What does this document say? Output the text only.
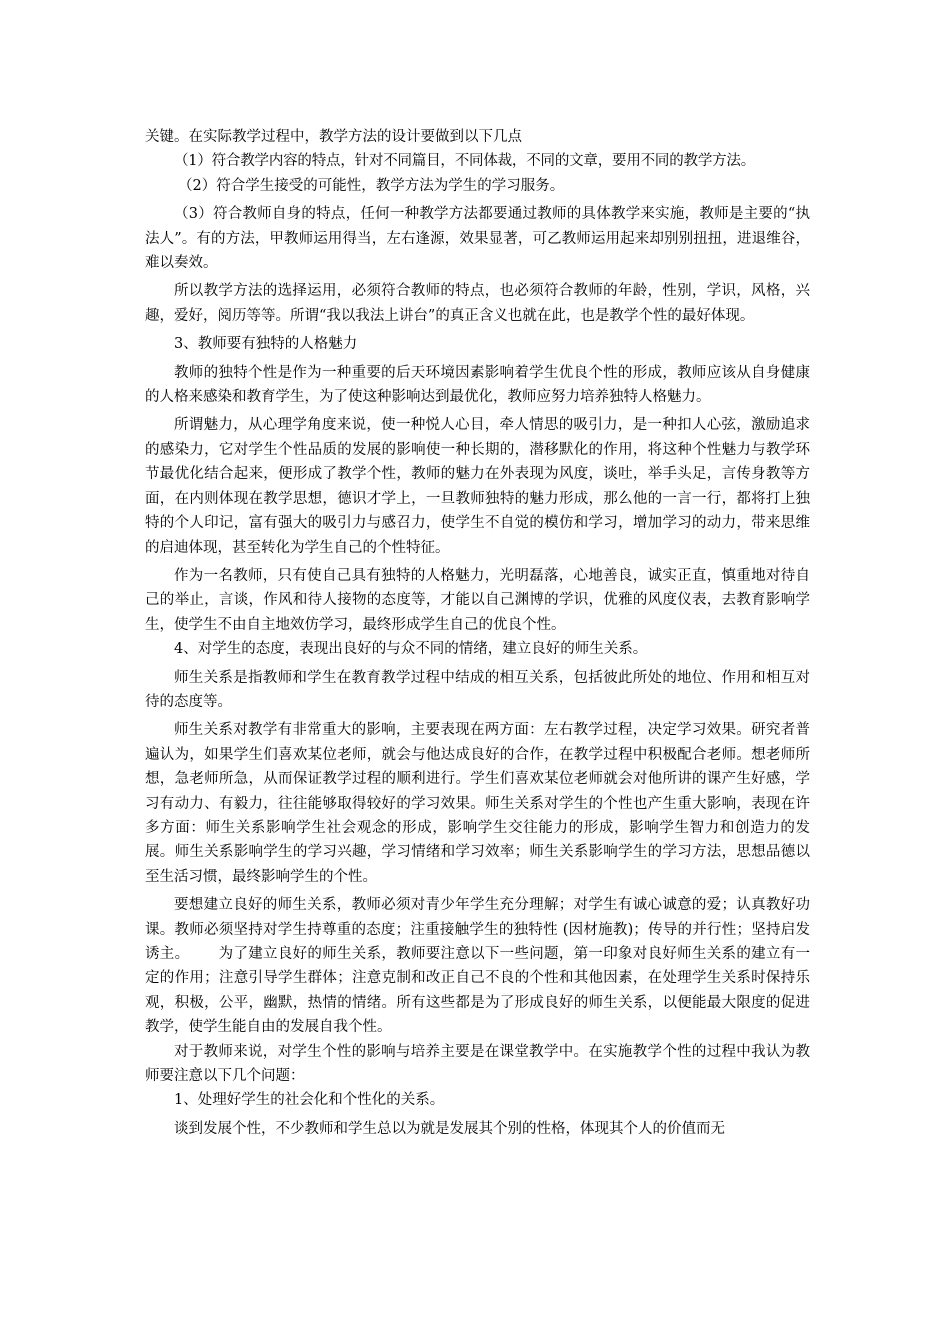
关键。在实际教学过程中，教学方法的设计要做到以下几点

（1）符合教学内容的特点，针对不同篇目，不同体裁，不同的文章，要用不同的教学方法。

（2）符合学生接受的可能性，教学方法为学生的学习服务。

（3）符合教师自身的特点，任何一种教学方法都要通过教师的具体教学来实施，教师是主要的“执法人”。有的方法，甲教师运用得当，左右逢源，效果显著，可乙教师运用起来却别别扭扭，进退维谷，难以奏效。

所以教学方法的选择运用，必须符合教师的特点，也必须符合教师的年龄，性别，学识，风格，兴趣，爱好，阅历等等。所谓“我以我法上讲台”的真正含义也就在此，也是教学个性的最好体现。

3、教师要有独特的人格魅力

教师的独特个性是作为一种重要的后天环境因素影响着学生优良个性的形成，教师应该从自身健康的人格来感染和教育学生，为了使这种影响达到最优化，教师应努力培养独特人格魅力。

所谓魅力，从心理学角度来说，使一种悦人心目，牵人情思的吸引力，是一种扣人心弦，激励追求的感染力，它对学生个性品质的发展的影响使一种长期的，潜移默化的作用，将这种个性魅力与教学环节最优化结合起来，便形成了教学个性，教师的魅力在外表现为风度，谈吐，举手头足，言传身教等方面，在内则体现在教学思想，德识才学上，一旦教师独特的魅力形成，那么他的一言一行，都将打上独特的个人印记，富有强大的吸引力与感召力，使学生不自觉的模仿和学习，增加学习的动力，带来思维的启迪体现，甚至转化为学生自己的个性特征。

作为一名教师，只有使自己具有独特的人格魅力，光明磊落，心地善良，诚实正直，慎重地对待自己的举止，言谈，作风和待人接物的态度等，才能以自己渊博的学识，优雅的风度仪表，去教育影响学生，使学生不由自主地效仿学习，最终形成学生自己的优良个性。

4、对学生的态度，表现出良好的与众不同的情绪，建立良好的师生关系。

师生关系是指教师和学生在教育教学过程中结成的相互关系，包括彼此所处的地位、作用和相互对待的态度等。

师生关系对教学有非常重大的影响，主要表现在两方面：左右教学过程，决定学习效果。研究者普遍认为，如果学生们喜欢某位老师，就会与他达成良好的合作，在教学过程中积极配合老师。想老师所想，急老师所急，从而保证教学过程的顺利进行。学生们喜欢某位老师就会对他所讲的课产生好感，学习有动力、有毅力，往往能够取得较好的学习效果。师生关系对学生的个性也产生重大影响，表现在许多方面：师生关系影响学生社会观念的形成，影响学生交往能力的形成，影响学生智力和创造力的发展。师生关系影响学生的学习兴趣，学习情绪和学习效率；师生关系影响学生的学习方法，思想品德以至生活习惯，最终影响学生的个性。

要想建立良好的师生关系，教师必须对青少年学生充分理解；对学生有诚心诚意的爱；认真教好功课。教师必须坚持对学生持尊重的态度；注重接触学生的独特性 (因材施教)；传导的并行性；坚持启发诱主。 为了建立良好的师生关系，教师要注意以下一些问题，第一印象对良好师生关系的建立有一定的作用；注意引导学生群体；注意克制和改正自己不良的个性和其他因素，在处理学生关系时保持乐观，积极，公平，幽默，热情的情绪。所有这些都是为了形成良好的师生关系，以便能最大限度的促进教学，使学生能自由的发展自我个性。

对于教师来说，对学生个性的影响与培养主要是在课堂教学中。在实施教学个性的过程中我认为教师要注意以下几个问题：

1、处理好学生的社会化和个性化的关系。

谈到发展个性，不少教师和学生总以为就是发展其个别的性格，体现其个人的价值而无
